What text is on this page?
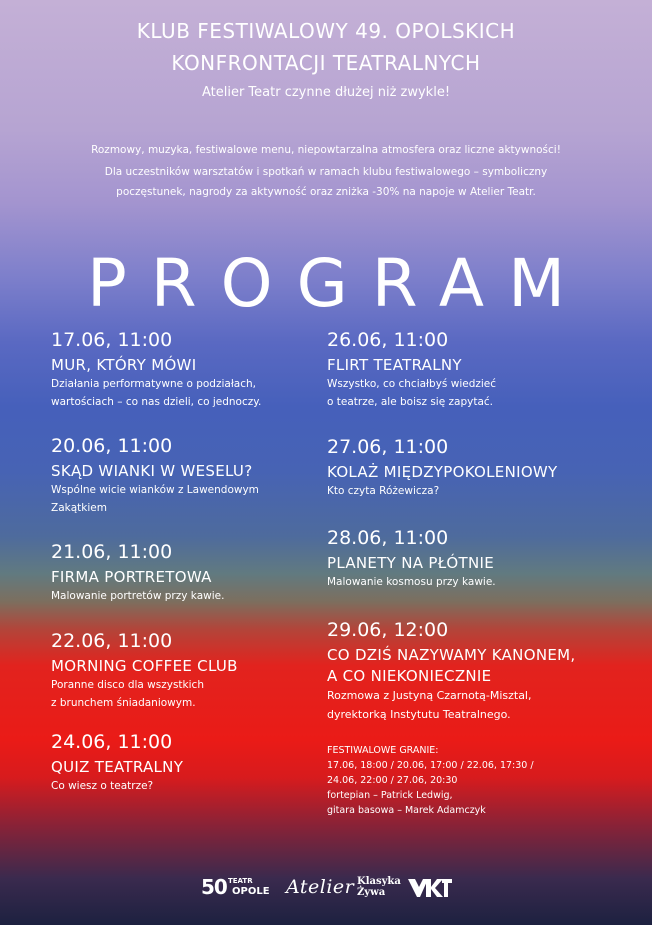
KLUB FESTIWALOWY 49. OPOLSKICH
KONFRONTACJI TEATRALNYCH
Atelier Teatr czynne dłużej niż zwykle!
Rozmowy, muzyka, festiwalowe menu, niepowtarzalna atmosfera oraz liczne aktywności!
Dla uczestników warsztatów i spotkań w ramach klubu festiwalowego – symboliczny
poczęstunek, nagrody za aktywność oraz zniżka -30% na napoje w Atelier Teatr.
PROGRAM
17.06, 11:00
MUR, KTÓRY MÓWI
Działania performatywne o podziałach,
wartościach – co nas dzieli, co jednoczy.
20.06, 11:00
SKĄD WIANKI W WESELU?
Wspólne wicie wianków z Lawendowym
Zakątkiem
21.06, 11:00
FIRMA PORTRETOWA
Malowanie portretów przy kawie.
22.06, 11:00
MORNING COFFEE CLUB
Poranne disco dla wszystkich
z brunchem śniadaniowym.
24.06, 11:00
QUIZ TEATRALNY
Co wiesz o teatrze?
26.06, 11:00
FLIRT TEATRALNY
Wszystko, co chciałbyś wiedzieć
o teatrze, ale boisz się zapytać.
27.06, 11:00
KOLAŻ MIĘDZYPOKOLENIOWY
Kto czyta Różewicza?
28.06, 11:00
PLANETY NA PŁÓTNIE
Malowanie kosmosu przy kawie.
29.06, 12:00
CO DZIŚ NAZYWAMY KANONEM,
A CO NIEKONIECZNIE
Rozmowa z Justyną Czarnotą-Misztal,
dyrektorką Instytutu Teatralnego.
FESTIWALOWE GRANIE:
17.06, 18:00 / 20.06, 17:00 / 22.06, 17:30 /
24.06, 22:00 / 27.06, 20:30
fortepian – Patrick Ledwig,
gitara basowa – Marek Adamczyk
50 TEATR
OPOLE Atelier Klasyka
Żywa
